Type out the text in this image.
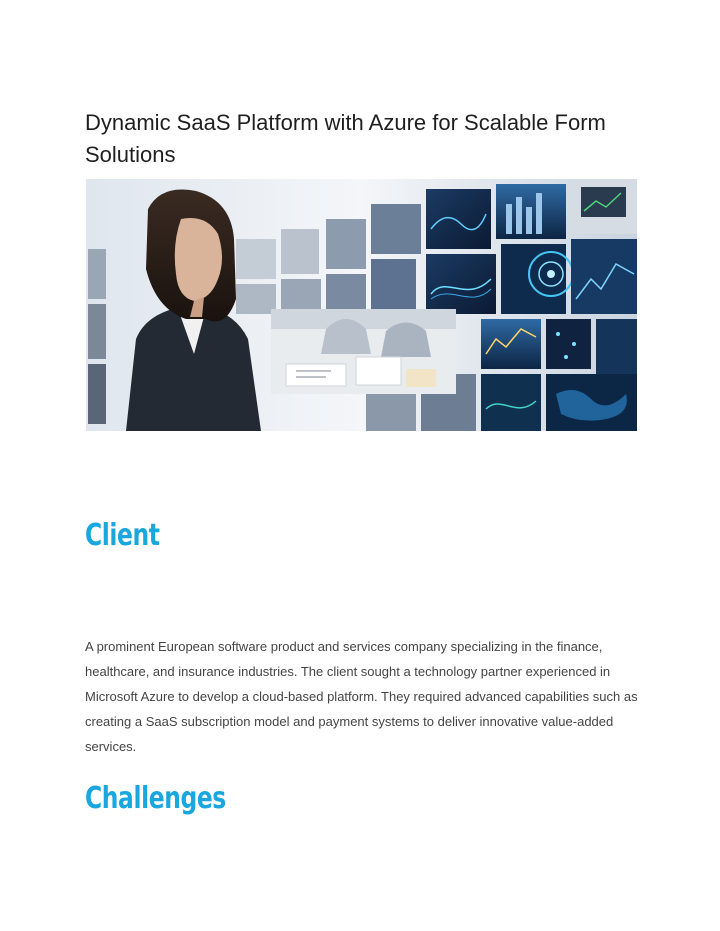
Dynamic SaaS Platform with Azure for Scalable Form Solutions
Client

A prominent European software product and services company specializing in the finance, healthcare, and insurance industries. The client sought a technology partner experienced in Microsoft Azure to develop a cloud-based platform. They required advanced capabilities such as creating a SaaS subscription model and payment systems to deliver innovative value-added services.

Challenges
